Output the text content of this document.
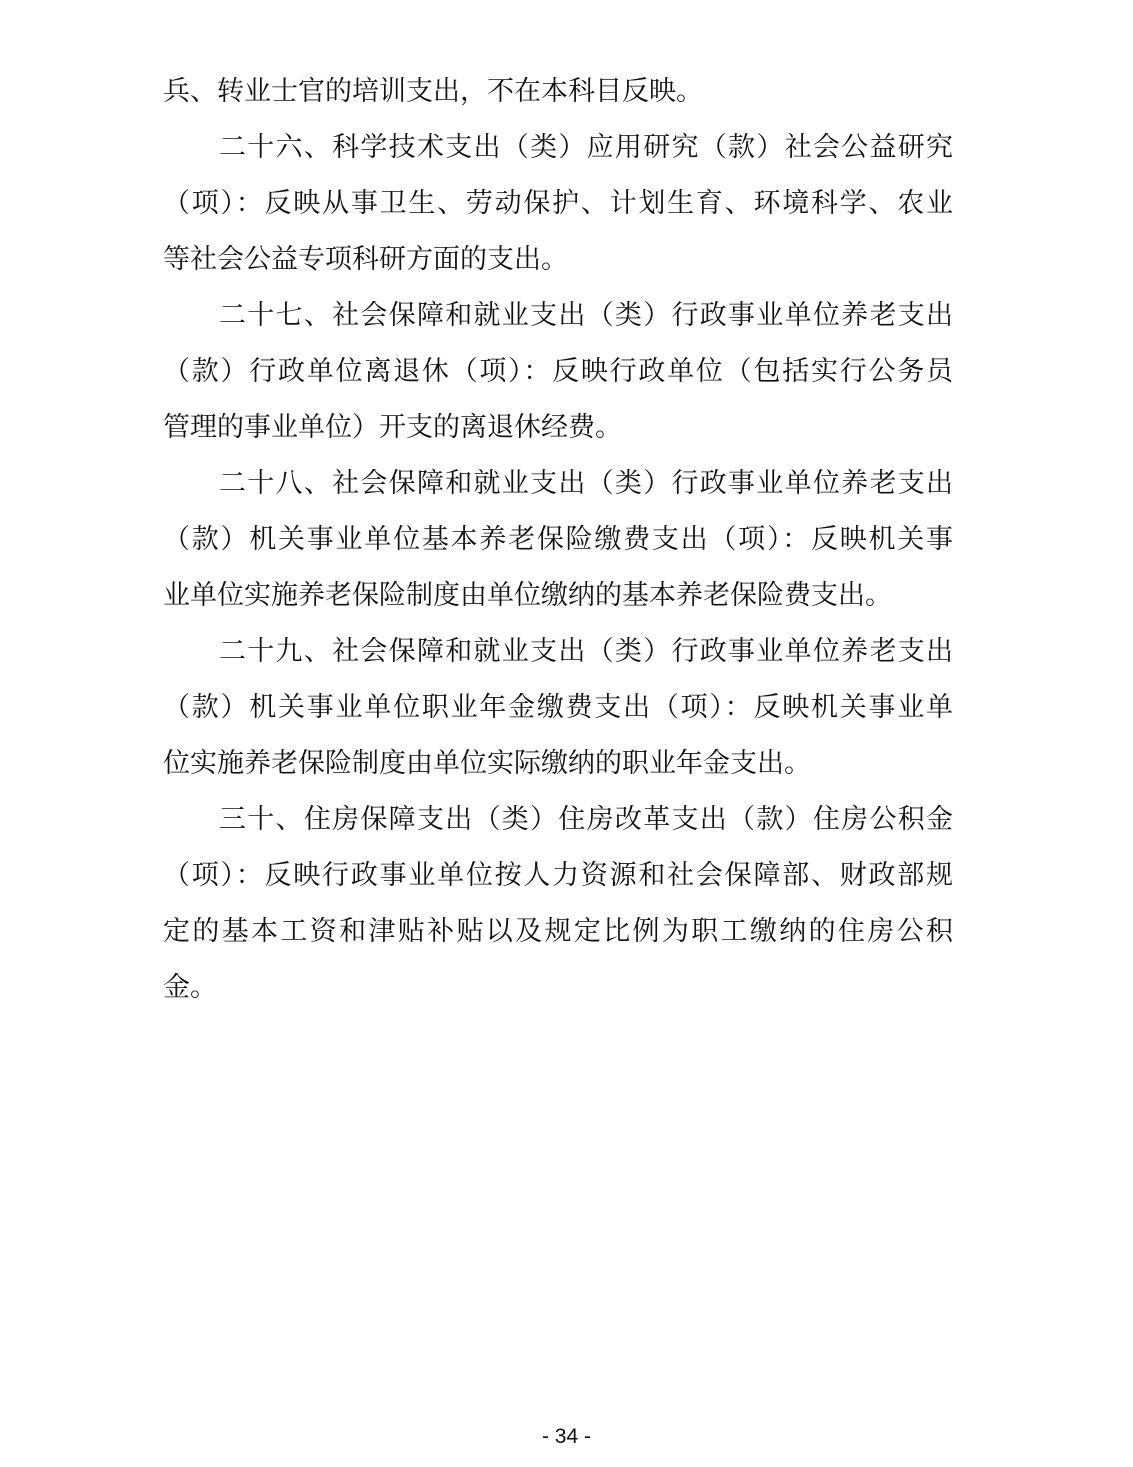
兵、转业士官的培训支出，不在本科目反映。
二十六、科学技术支出（类）应用研究（款）社会公益研究
（项）：反映从事卫生、劳动保护、计划生育、环境科学、农业
等社会公益专项科研方面的支出。
二十七、社会保障和就业支出（类）行政事业单位养老支出
（款）行政单位离退休（项）：反映行政单位（包括实行公务员
管理的事业单位）开支的离退休经费。
二十八、社会保障和就业支出（类）行政事业单位养老支出
（款）机关事业单位基本养老保险缴费支出（项）：反映机关事
业单位实施养老保险制度由单位缴纳的基本养老保险费支出。
二十九、社会保障和就业支出（类）行政事业单位养老支出
（款）机关事业单位职业年金缴费支出（项）：反映机关事业单
位实施养老保险制度由单位实际缴纳的职业年金支出。
三十、住房保障支出（类）住房改革支出（款）住房公积金
（项）：反映行政事业单位按人力资源和社会保障部、财政部规
定的基本工资和津贴补贴以及规定比例为职工缴纳的住房公积
金。
- 34 -
